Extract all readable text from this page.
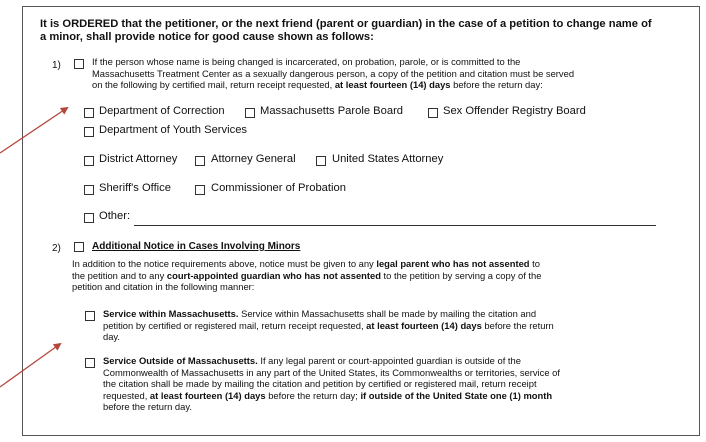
It is ORDERED that the petitioner, or the next friend (parent or guardian) in the case of a petition to change name of
a minor, shall provide notice for good cause shown as follows:
1)	If the person whose name is being changed is incarcerated, on probation, parole, or is committed to the
Massachusetts Treatment Center as a sexually dangerous person, a copy of the petition and citation must be served
on the following by certified mail, return receipt requested, at least fourteen (14) days before the return day:
Department of Correction	Massachusetts Parole Board	Sex Offender Registry Board
Department of Youth Services
District Attorney	Attorney General	United States Attorney
Sheriff's Office	Commissioner of Probation
Other:
2)	Additional Notice in Cases Involving Minors
In addition to the notice requirements above, notice must be given to any legal parent who has not assented to
the petition and to any court-appointed guardian who has not assented to the petition by serving a copy of the
petition and citation in the following manner:
Service within Massachusetts. Service within Massachusetts shall be made by mailing the citation and
petition by certified or registered mail, return receipt requested, at least fourteen (14) days before the return
day.
Service Outside of Massachusetts. If any legal parent or court-appointed guardian is outside of the
Commonwealth of Massachusetts in any part of the United States, its Commonwealths or territories, service of
the citation shall be made by mailing the citation and petition by certified or registered mail, return receipt
requested, at least fourteen (14) days before the return day; if outside of the United State one (1) month
before the return day.
